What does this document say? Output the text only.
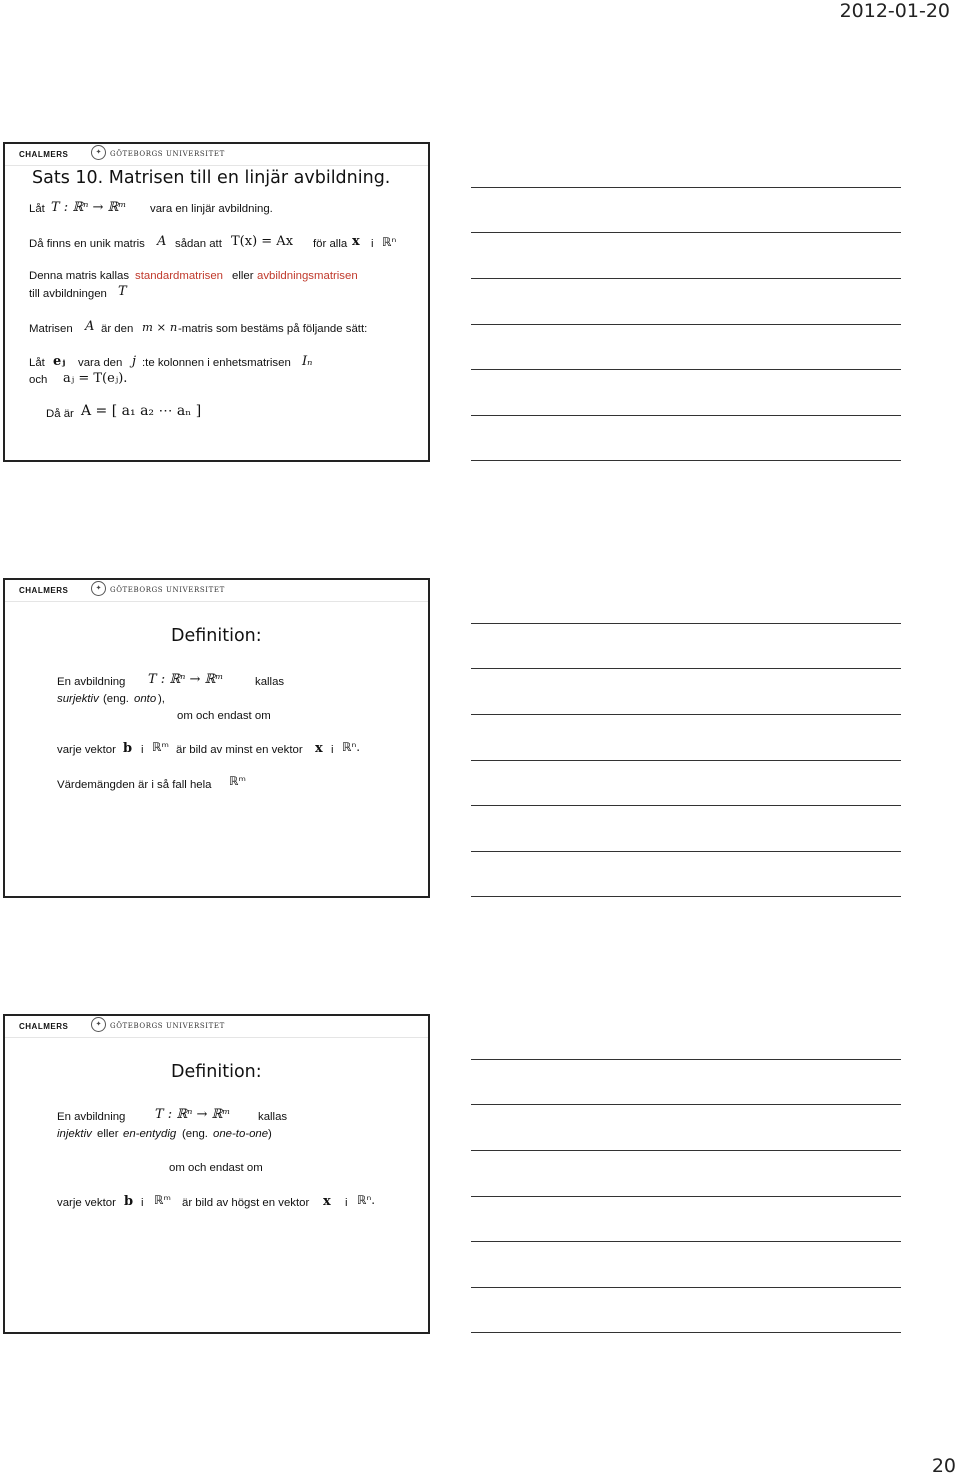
2012-01-20
CHALMERS	✦	GÖTEBORGS UNIVERSITET
Sats 10. Matrisen till en linjär avbildning.
Låt T : ℝⁿ → ℝᵐ vara en linjär avbildning.
Då finns en unik matris A sådan att T(x) = Ax för alla x i ℝⁿ
Denna matris kallas standardmatrisen eller avbildningsmatrisen
till avbildningen T
Matrisen A är den m × n -matris som bestäms på följande sätt:
Låt eⱼ vara den j :te kolonnen i enhetsmatrisen Iₙ
och aⱼ = T(eⱼ).
Då är A = [ a₁ a₂ ⋯ aₙ ]
CHALMERS	✦	GÖTEBORGS UNIVERSITET
Definition:
En avbildning T : ℝⁿ → ℝᵐ	kallas
surjektiv (eng. onto ),
om och endast om
varje vektor b i ℝᵐ är bild av minst en vektor x i ℝⁿ.
Värdemängden är i så fall hela ℝᵐ
CHALMERS	✦	GÖTEBORGS UNIVERSITET
Definition:
En avbildning T : ℝⁿ → ℝᵐ kallas
injektiv eller en-entydig (eng. one-to-one )
om och endast om
varje vektor b i ℝᵐ är bild av högst en vektor x i ℝⁿ.
20
